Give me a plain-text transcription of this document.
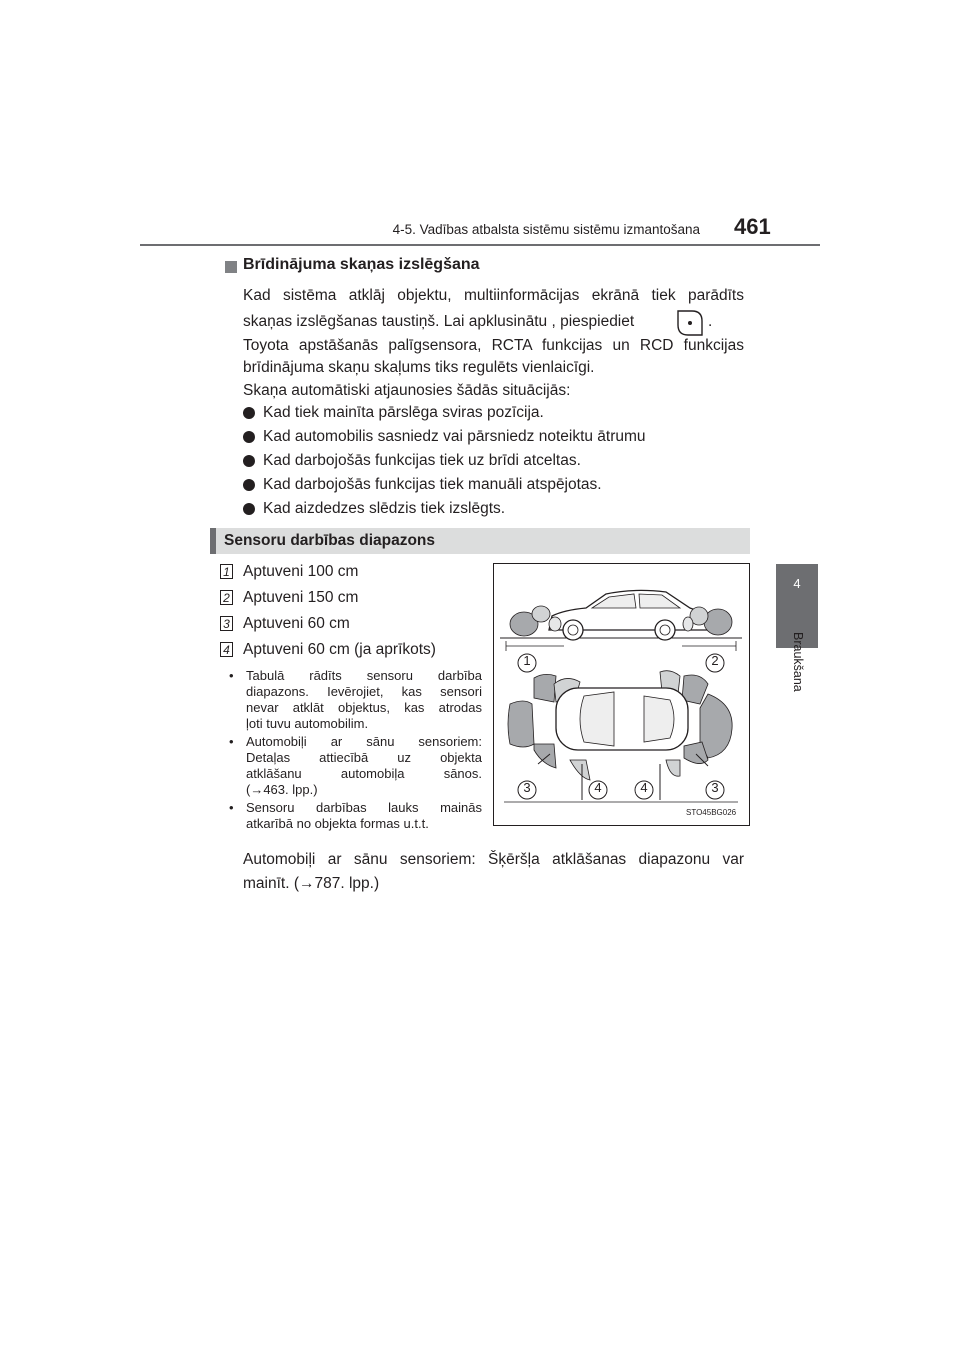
4-5. Vadības atbalsta sistēmu sistēmu izmantošana 461
4
Braukšana
Brīdinājuma skaņas izslēgšana
Kad sistēma atklāj objektu, multiinformācijas ekrānā tiek parādīts
skaņas izslēgšanas taustiņš. Lai apklusinātu , piespiediet	.
Toyota apstāšanās palīgsensora, RCTA funkcijas un RCD funkcijas
brīdinājuma skaņu skaļums tiks regulēts vienlaicīgi.
Skaņa automātiski atjaunosies šādās situācijās:
Kad tiek mainīta pārslēga sviras pozīcija.
Kad automobilis sasniedz vai pārsniedz noteiktu ātrumu
Kad darbojošās funkcijas tiek uz brīdi atceltas.
Kad darbojošās funkcijas tiek manuāli atspējotas.
Kad aizdedzes slēdzis tiek izslēgts.
Sensoru darbības diapazons
1 Aptuveni 100 cm
2 Aptuveni 150 cm
3 Aptuveni 60 cm
4 Aptuveni 60 cm (ja aprīkots)
• Tabulā rādīts sensoru darbība
diapazons. Ievērojiet, kas sensori
nevar atklāt objektus, kas atrodas
ļoti tuvu automobilim.
• Automobiļi ar sānu sensoriem:
Detaļas attiecībā uz objekta
atklāšanu automobiļa sānos.
(→463. lpp.)
• Sensoru darbības lauks mainās
atkarībā no objekta formas u.t.t.
1	2
3	4	4	3
STO45BG026
Automobiļi ar sānu sensoriem: Šķēršļa atklāšanas diapazonu var
mainīt. (→787. lpp.)
